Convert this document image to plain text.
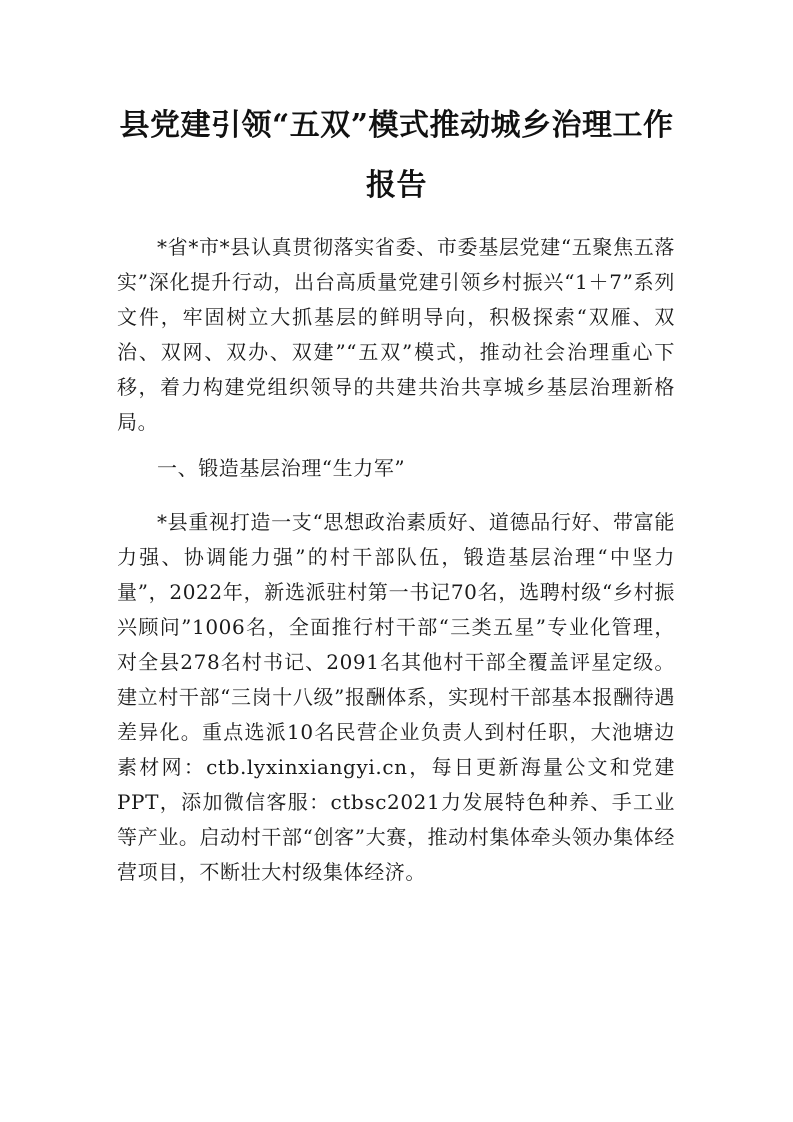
县党建引领“五双”模式推动城乡治理工作报告

*省*市*县认真贯彻落实省委、市委基层党建“五聚焦五落实”深化提升行动，出台高质量党建引领乡村振兴“1＋7”系列文件，牢固树立大抓基层的鲜明导向，积极探索“双雁、双治、双网、双办、双建”“五双”模式，推动社会治理重心下移，着力构建党组织领导的共建共治共享城乡基层治理新格局。

一、锻造基层治理“生力军”

*县重视打造一支“思想政治素质好、道德品行好、带富能力强、协调能力强”的村干部队伍，锻造基层治理“中坚力量”，2022年，新选派驻村第一书记70名，选聘村级“乡村振兴顾问”1006名，全面推行村干部“三类五星”专业化管理，对全县278名村书记、2091名其他村干部全覆盖评星定级。建立村干部“三岗十八级”报酬体系，实现村干部基本报酬待遇差异化。重点选派10名民营企业负责人到村任职，大池塘边素材网：ctb.lyxinxiangyi.cn，每日更新海量公文和党建PPT，添加微信客服：ctbsc2021力发展特色种养、手工业等产业。启动村干部“创客”大赛，推动村集体牵头领办集体经营项目，不断壮大村级集体经济。
